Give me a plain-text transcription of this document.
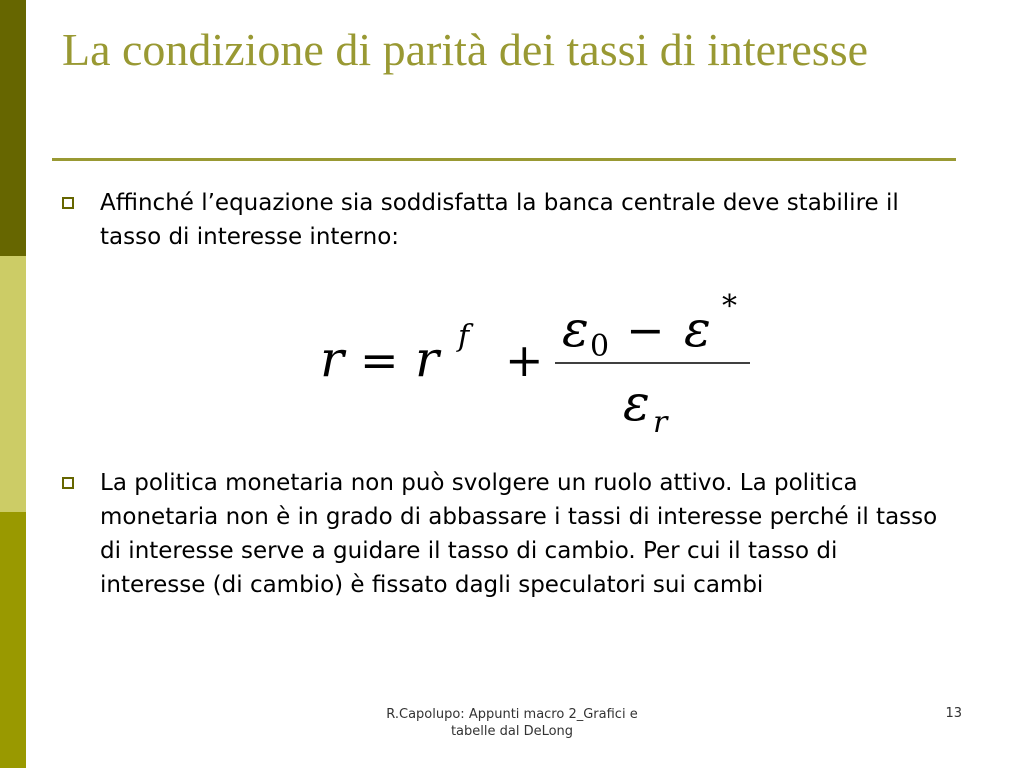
La condizione di parità dei tassi di interesse
Affinché l’equazione sia soddisfatta la banca centrale deve stabilire il tasso di interesse interno:
r = r f +
ε 0 − ε *
ε r
La politica monetaria non può svolgere un ruolo attivo. La politica monetaria non è in grado di abbassare i tassi di interesse perché il tasso di interesse serve a guidare il tasso di cambio. Per cui il tasso di interesse (di cambio) è fissato dagli speculatori sui cambi
R.Capolupo: Appunti macro 2_Grafici e tabelle dal DeLong
13
